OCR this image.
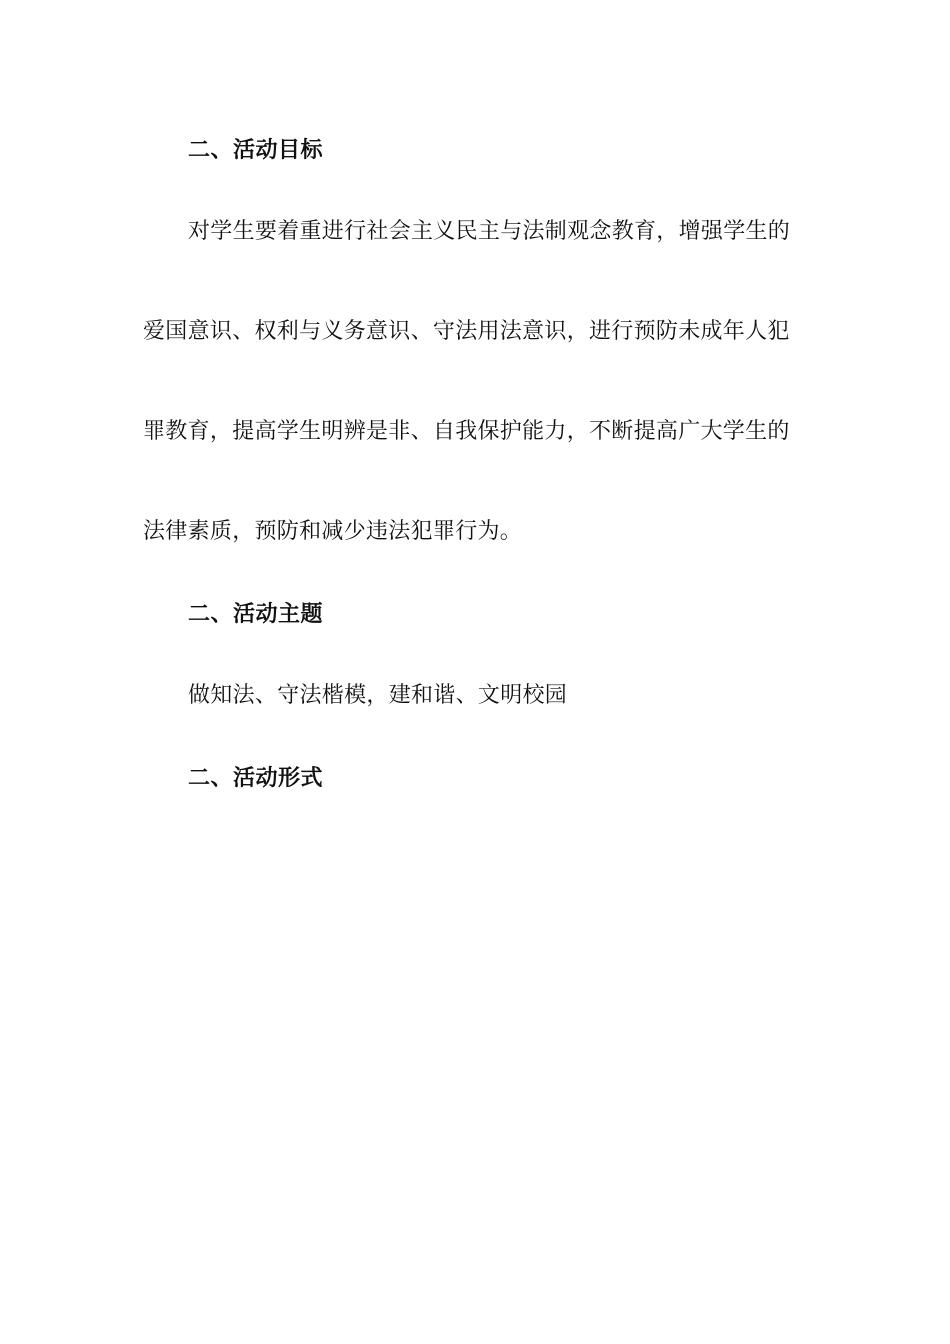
二、活动目标
对学生要着重进行社会主义民主与法制观念教育，增强学生的
爱国意识、权利与义务意识、守法用法意识，进行预防未成年人犯
罪教育，提高学生明辨是非、自我保护能力，不断提高广大学生的
法律素质，预防和减少违法犯罪行为。
二、活动主题
做知法、守法楷模，建和谐、文明校园
二、活动形式
